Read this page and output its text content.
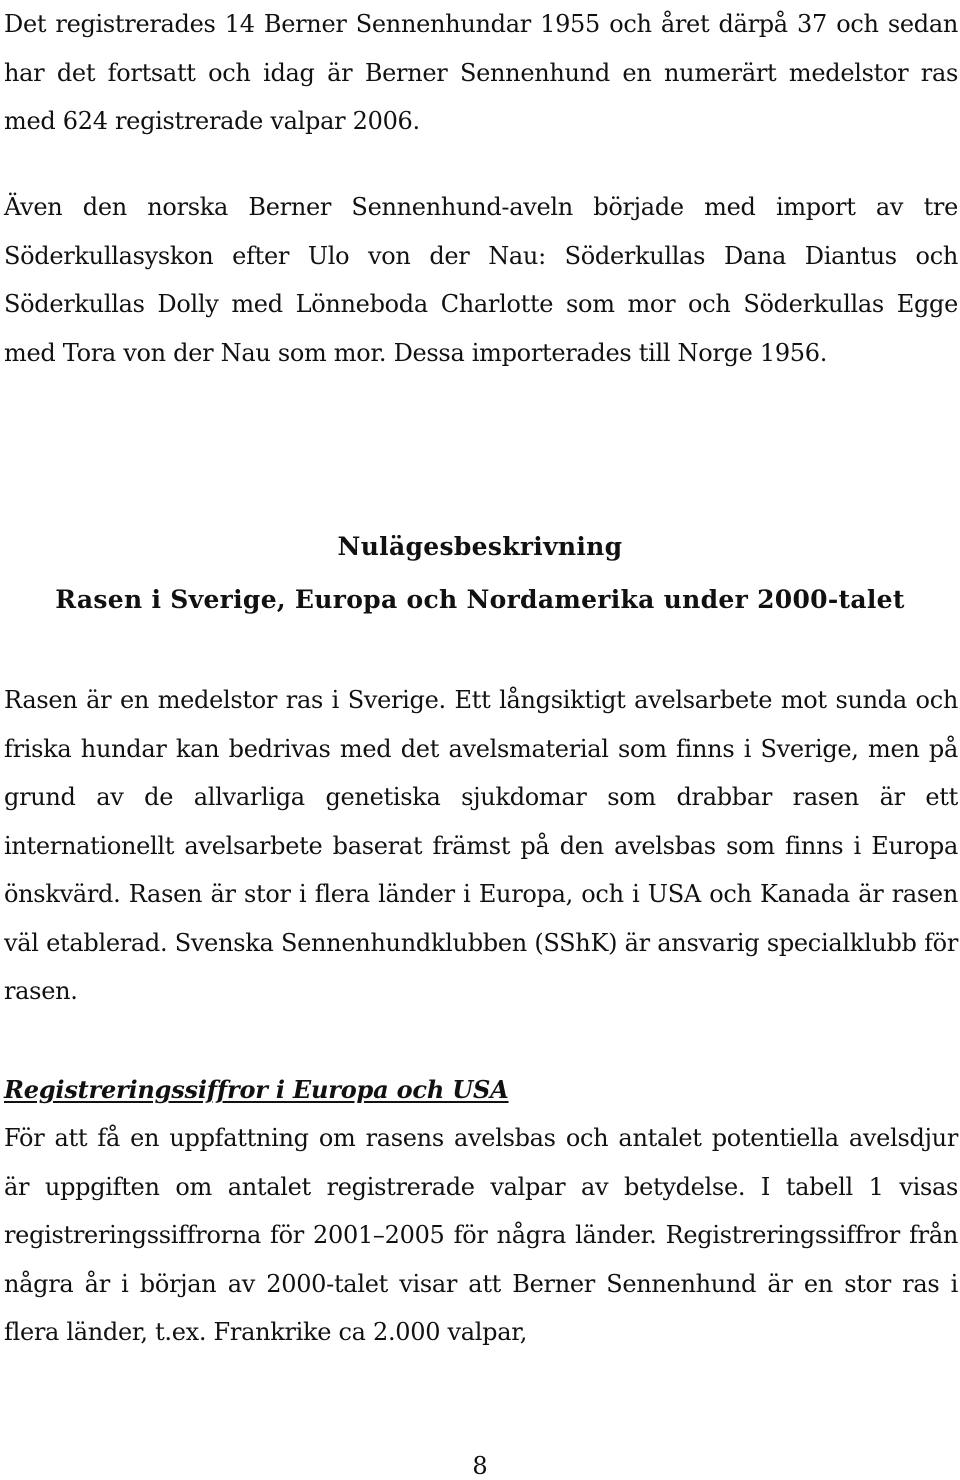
Det registrerades 14 Berner Sennenhundar 1955 och året därpå 37 och sedan har det fortsatt och idag är Berner Sennenhund en numerärt medelstor ras med 624 registrerade valpar 2006.

Även den norska Berner Sennenhund-aveln började med import av tre Söderkullasyskon efter Ulo von der Nau: Söderkullas Dana Diantus och Söderkullas Dolly med Lönneboda Charlotte som mor och Söderkullas Egge med Tora von der Nau som mor. Dessa importerades till Norge 1956.

Nulägesbeskrivning
Rasen i Sverige, Europa och Nordamerika under 2000-talet

Rasen är en medelstor ras i Sverige. Ett långsiktigt avelsarbete mot sunda och friska hundar kan bedrivas med det avelsmaterial som finns i Sverige, men på grund av de allvarliga genetiska sjukdomar som drabbar rasen är ett internationellt avelsarbete baserat främst på den avelsbas som finns i Europa önskvärd. Rasen är stor i flera länder i Europa, och i USA och Kanada är rasen väl etablerad. Svenska Sennenhundklubben (SShK) är ansvarig specialklubb för rasen.

Registreringssiffror i Europa och USA

För att få en uppfattning om rasens avelsbas och antalet potentiella avelsdjur är uppgiften om antalet registrerade valpar av betydelse. I tabell 1 visas registreringssiffrorna för 2001–2005 för några länder. Registreringssiffror från några år i början av 2000-talet visar att Berner Sennenhund är en stor ras i flera länder, t.ex. Frankrike ca 2.000 valpar,

8
